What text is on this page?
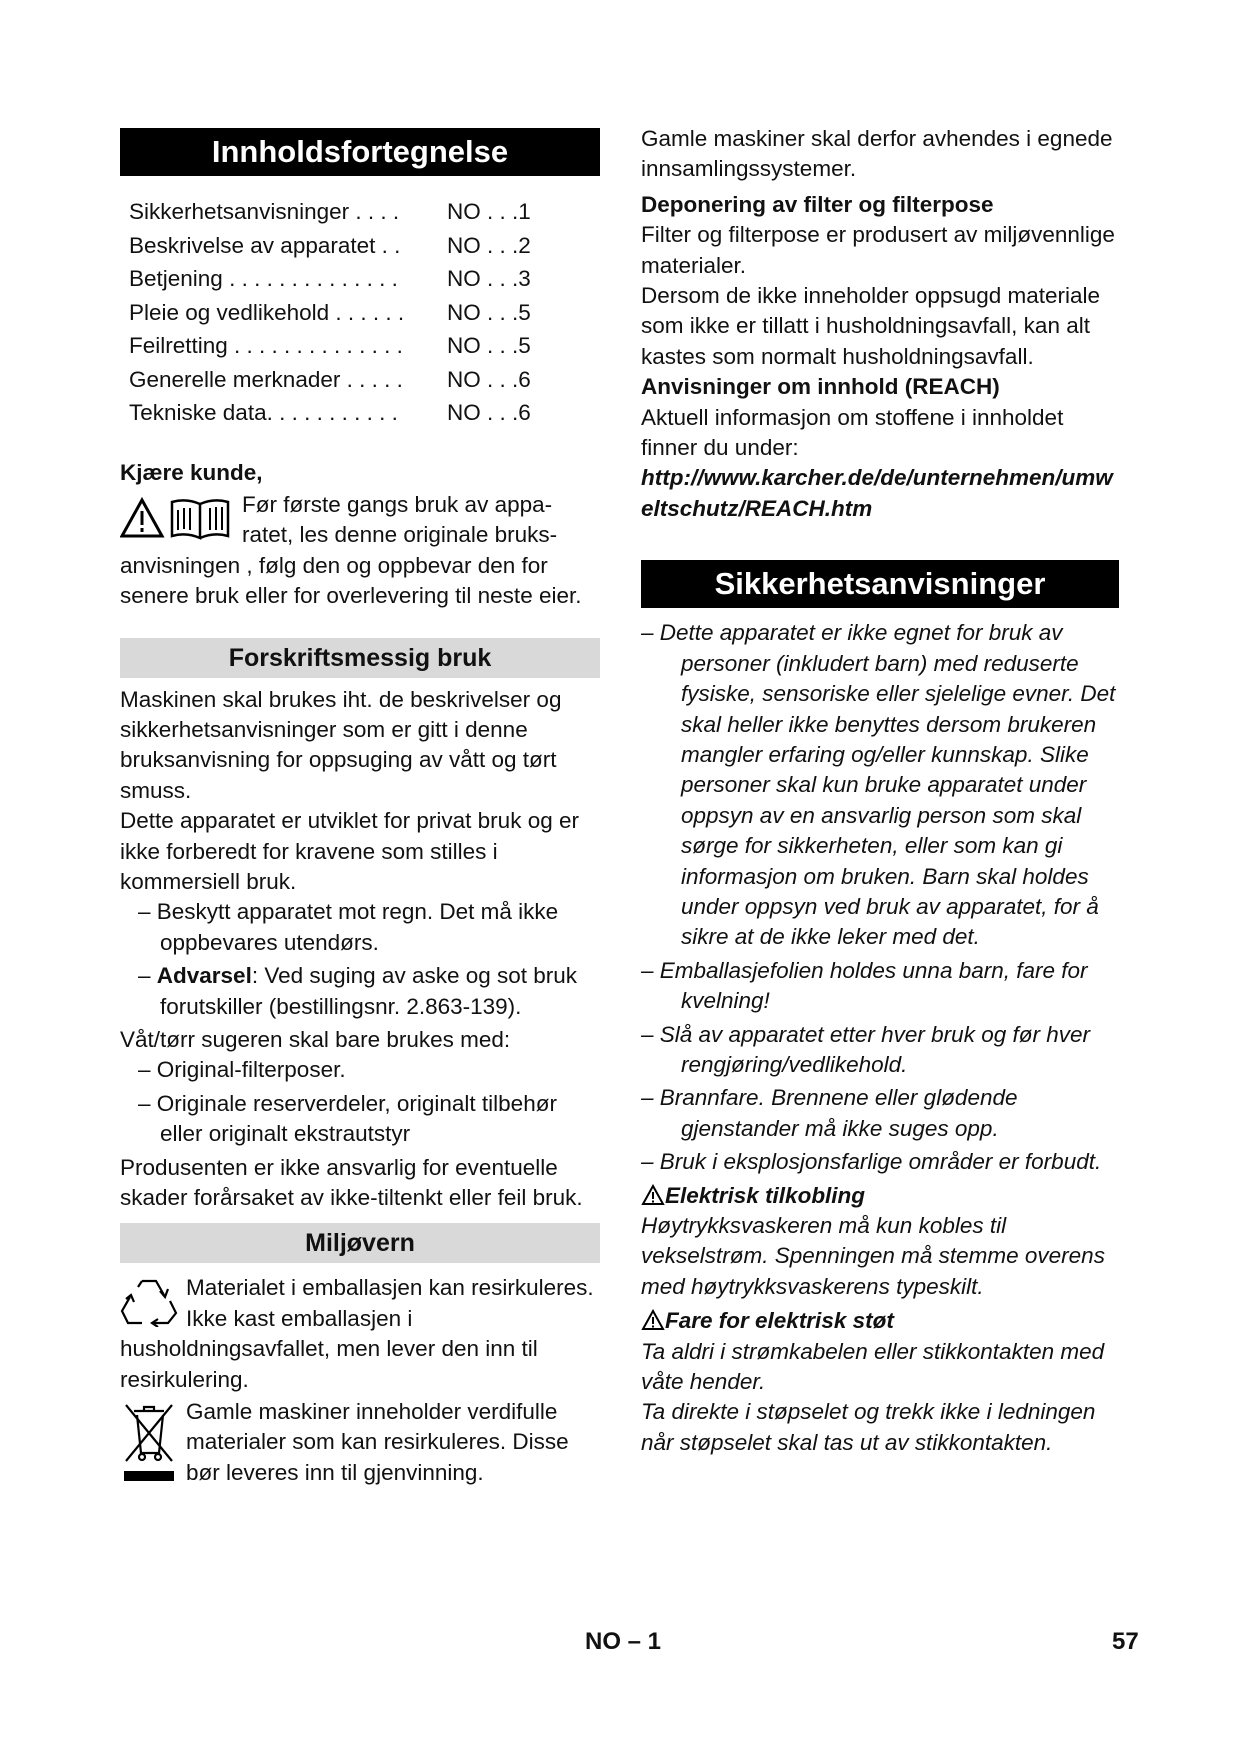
Innholdsfortegnelse
Sikkerhetsanvisninger . . . .	NO . . .1
Beskrivelse av apparatet . .	NO . . .2
Betjening . . . . . . . . . . . . . .	NO . . .3
Pleie og vedlikehold . . . . . .	NO . . .5
Feilretting . . . . . . . . . . . . . .	NO . . .5
Generelle merknader . . . . .	NO . . .6
Tekniske data. . . . . . . . . . .	NO . . .6
Kjære kunde,
Før første gangs bruk av appa-
ratet, les denne originale bruks-
anvisningen , følg den og oppbevar den for senere bruk eller for overlevering til neste eier.
Forskriftsmessig bruk
Maskinen skal brukes iht. de beskrivelser og sikkerhetsanvisninger som er gitt i denne bruksanvisning for oppsuging av vått og tørt smuss.
Dette apparatet er utviklet for privat bruk og er ikke forberedt for kravene som stilles i kommersiell bruk.
– Beskytt apparatet mot regn. Det må ikke oppbevares utendørs.
– Advarsel: Ved suging av aske og sot bruk forutskiller (bestillingsnr. 2.863-139).
Våt/tørr sugeren skal bare brukes med:
– Original-filterposer.
– Originale reserverdeler, originalt tilbehør eller originalt ekstrautstyr
Produsenten er ikke ansvarlig for eventuelle skader forårsaket av ikke-tiltenkt eller feil bruk.
Miljøvern
Materialet i emballasjen kan resirkuleres. Ikke kast emballasjen i husholdningsavfallet, men lever den inn til resirkulering.
Gamle maskiner inneholder verdifulle materialer som kan resirkuleres. Disse bør leveres inn til gjenvinning.
Gamle maskiner skal derfor avhendes i egnede innsamlingssystemer.
Deponering av filter og filterpose
Filter og filterpose er produsert av miljøvennlige materialer.
Dersom de ikke inneholder oppsugd materiale som ikke er tillatt i husholdningsavfall, kan alt kastes som normalt husholdningsavfall.
Anvisninger om innhold (REACH)
Aktuell informasjon om stoffene i innholdet finner du under:
http://www.karcher.de/de/unternehmen/umweltschutz/REACH.htm
Sikkerhetsanvisninger
– Dette apparatet er ikke egnet for bruk av personer (inkludert barn) med reduserte fysiske, sensoriske eller sjelelige evner. Det skal heller ikke benyttes dersom brukeren mangler erfaring og/eller kunnskap. Slike personer skal kun bruke apparatet under oppsyn av en ansvarlig person som skal sørge for sikkerheten, eller som kan gi informasjon om bruken. Barn skal holdes under oppsyn ved bruk av apparatet, for å sikre at de ikke leker med det.
– Emballasjefolien holdes unna barn, fare for kvelning!
– Slå av apparatet etter hver bruk og før hver rengjøring/vedlikehold.
– Brannfare. Brennene eller glødende gjenstander må ikke suges opp.
– Bruk i eksplosjonsfarlige områder er forbudt.
Elektrisk tilkobling
Høytrykksvaskeren må kun kobles til vekselstrøm. Spenningen må stemme overens med høytrykksvaskerens typeskilt.
Fare for elektrisk støt
Ta aldri i strømkabelen eller stikkontakten med våte hender.
Ta direkte i støpselet og trekk ikke i ledningen når støpselet skal tas ut av stikkontakten.
NO – 1	57
